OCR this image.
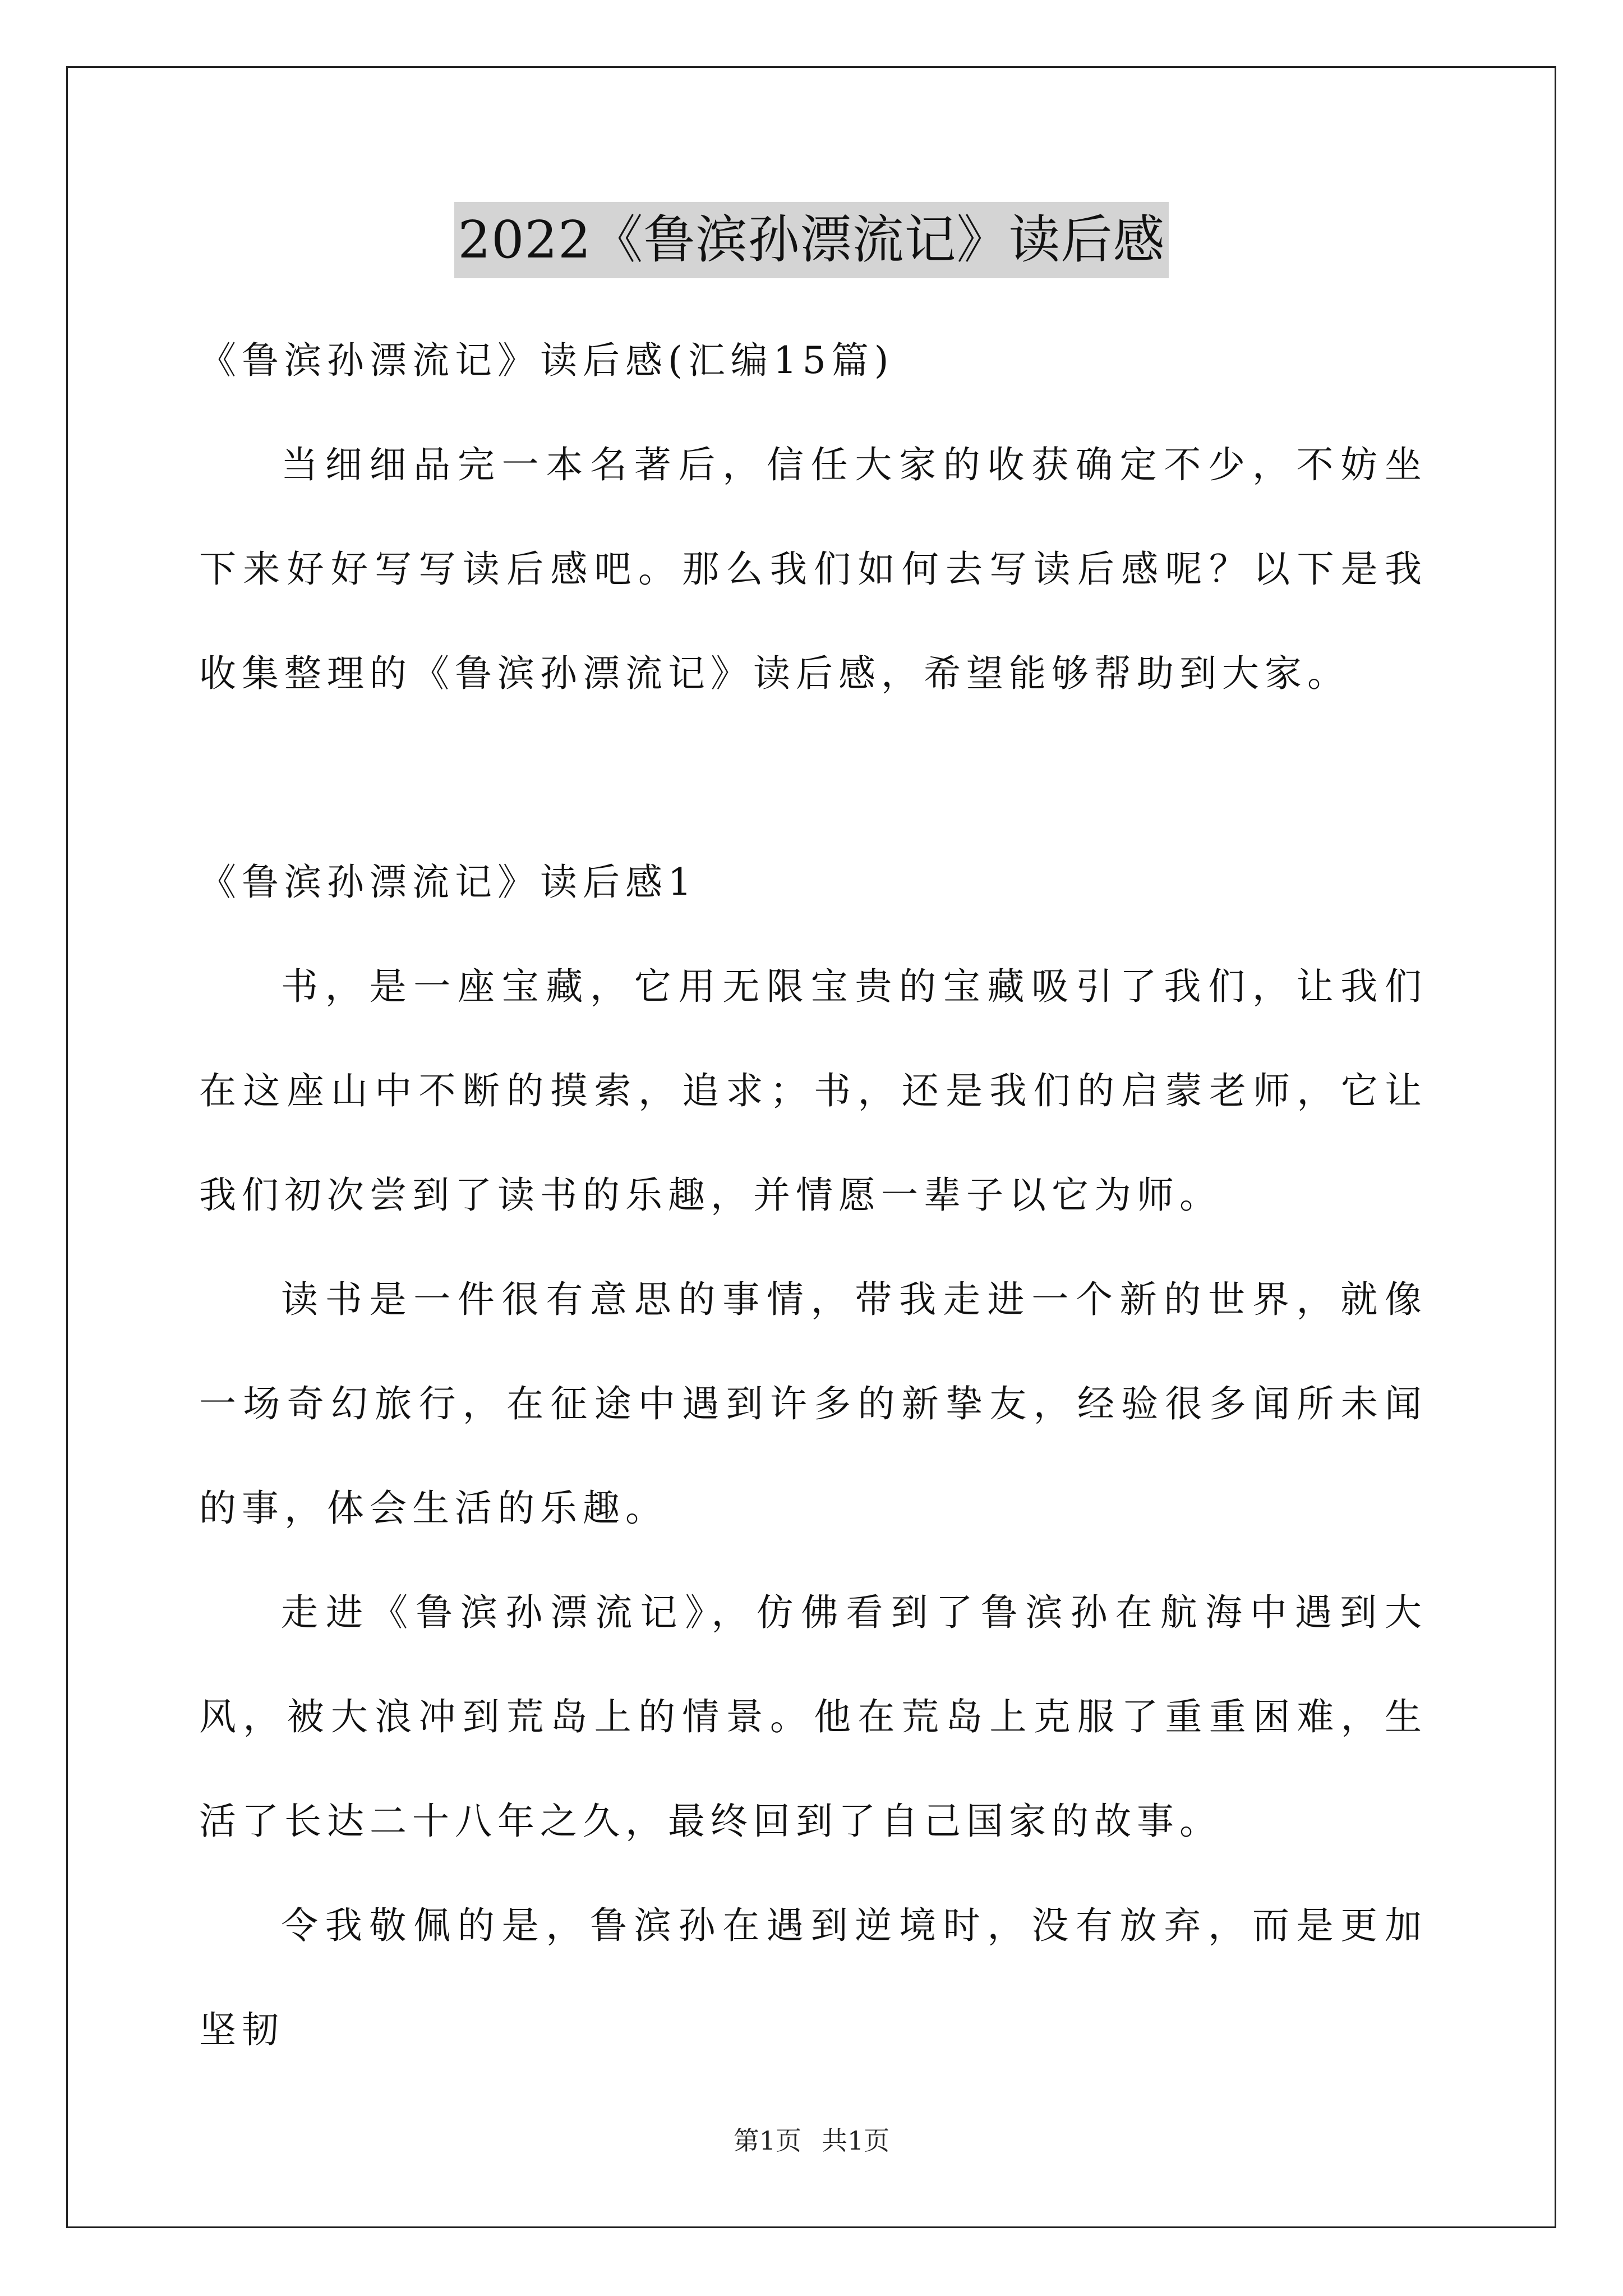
2022《鲁滨孙漂流记》读后感
《鲁滨孙漂流记》读后感(汇编15篇)

当细细品完一本名著后，信任大家的收获确定不少，不妨坐下来好好写写读后感吧。那么我们如何去写读后感呢？以下是我收集整理的《鲁滨孙漂流记》读后感，希望能够帮助到大家。

《鲁滨孙漂流记》读后感1

书，是一座宝藏，它用无限宝贵的宝藏吸引了我们，让我们在这座山中不断的摸索，追求；书，还是我们的启蒙老师，它让我们初次尝到了读书的乐趣，并情愿一辈子以它为师。

读书是一件很有意思的事情，带我走进一个新的世界，就像一场奇幻旅行，在征途中遇到许多的新挚友，经验很多闻所未闻的事，体会生活的乐趣。

走进《鲁滨孙漂流记》，仿佛看到了鲁滨孙在航海中遇到大风，被大浪冲到荒岛上的情景。他在荒岛上克服了重重困难，生活了长达二十八年之久，最终回到了自己国家的故事。

令我敬佩的是，鲁滨孙在遇到逆境时，没有放弃，而是更加坚韧

第1页 共1页
